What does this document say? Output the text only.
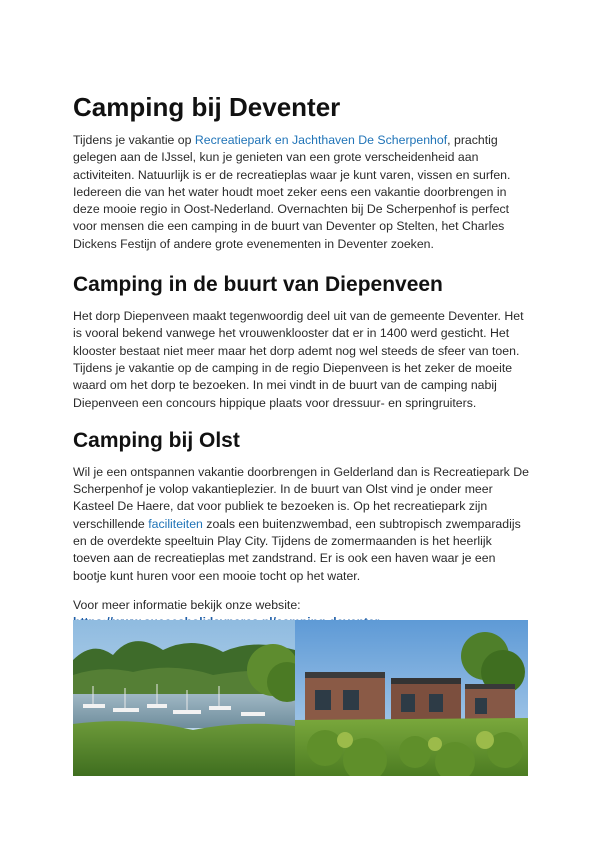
Camping bij Deventer

Tijdens je vakantie op Recreatiepark en Jachthaven De Scherpenhof, prachtig gelegen aan de IJssel, kun je genieten van een grote verscheidenheid aan activiteiten. Natuurlijk is er de recreatieplas waar je kunt varen, vissen en surfen. Iedereen die van het water houdt moet zeker eens een vakantie doorbrengen in deze mooie regio in Oost-Nederland. Overnachten bij De Scherpenhof is perfect voor mensen die een camping in de buurt van Deventer op Stelten, het Charles Dickens Festijn of andere grote evenementen in Deventer zoeken.

Camping in de buurt van Diepenveen

Het dorp Diepenveen maakt tegenwoordig deel uit van de gemeente Deventer. Het is vooral bekend vanwege het vrouwenklooster dat er in 1400 werd gesticht. Het klooster bestaat niet meer maar het dorp ademt nog wel steeds de sfeer van toen. Tijdens je vakantie op de camping in de regio Diepenveen is het zeker de moeite waard om het dorp te bezoeken. In mei vindt in de buurt van de camping nabij Diepenveen een concours hippique plaats voor dressuur- en springruiters.

Camping bij Olst

Wil je een ontspannen vakantie doorbrengen in Gelderland dan is Recreatiepark De Scherpenhof je volop vakantieplezier. In de buurt van Olst vind je onder meer Kasteel De Haere, dat voor publiek te bezoeken is. Op het recreatiepark zijn verschillende faciliteiten zoals een buitenzwembad, een subtropisch zwemparadijs en de overdekte speeltuin Play City. Tijdens de zomermaanden is het heerlijk toeven aan de recreatieplas met zandstrand. Er is ook een haven waar je een bootje kunt huren voor een mooie tocht op het water.

Voor meer informatie bekijk onze website:
